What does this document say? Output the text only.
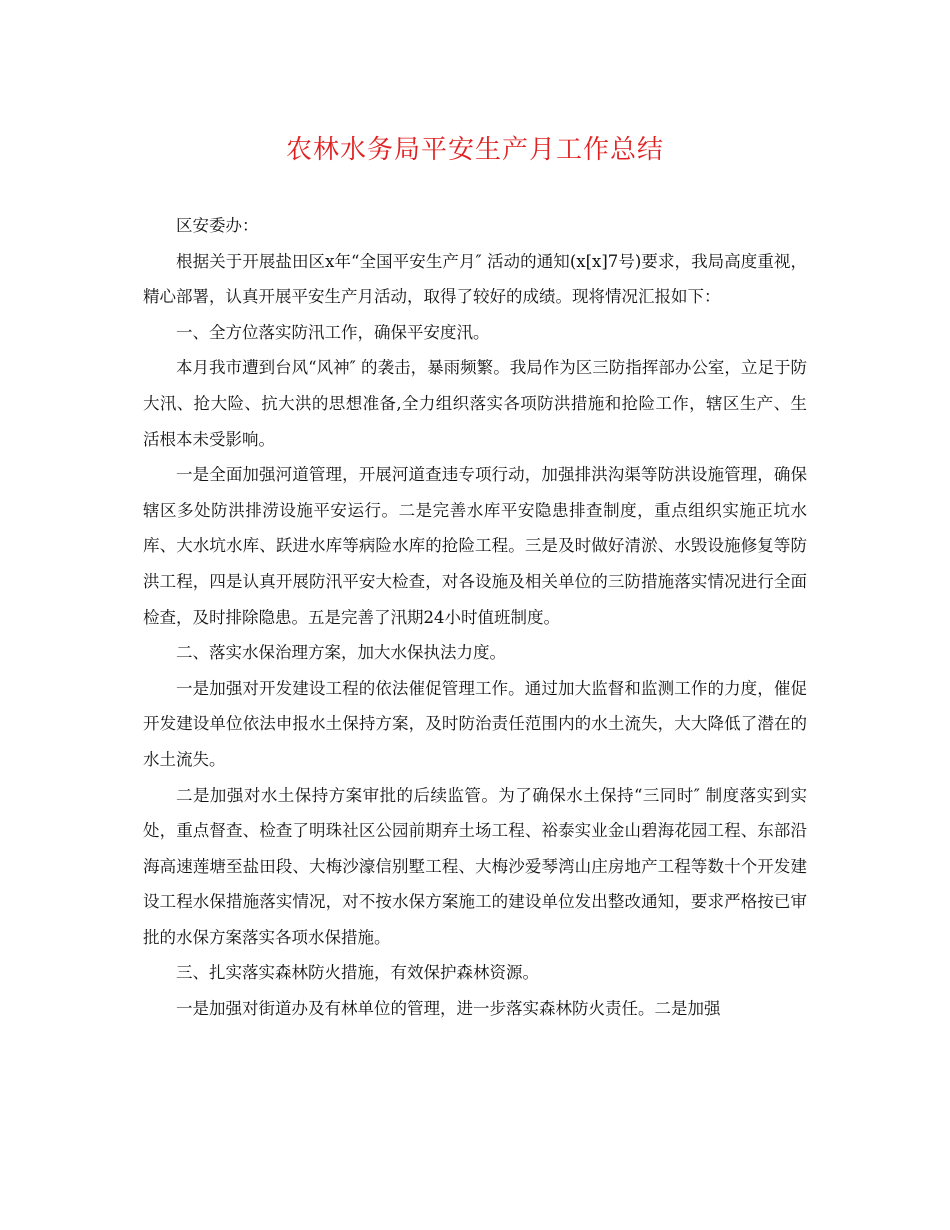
农林水务局平安生产月工作总结

区安委办：

根据关于开展盐田区x年“全国平安生产月″ 活动的通知(x[x]7号)要求，我局高度重视，精心部署，认真开展平安生产月活动，取得了较好的成绩。现将情况汇报如下：

一、全方位落实防汛工作，确保平安度汛。

本月我市遭到台风“风神″ 的袭击，暴雨频繁。我局作为区三防指挥部办公室，立足于防大汛、抢大险、抗大洪的思想准备,全力组织落实各项防洪措施和抢险工作，辖区生产、生活根本未受影响。

一是全面加强河道管理，开展河道查违专项行动，加强排洪沟渠等防洪设施管理，确保辖区多处防洪排涝设施平安运行。二是完善水库平安隐患排查制度，重点组织实施正坑水库、大水坑水库、跃进水库等病险水库的抢险工程。三是及时做好清淤、水毁设施修复等防洪工程，四是认真开展防汛平安大检查，对各设施及相关单位的三防措施落实情况进行全面检查，及时排除隐患。五是完善了汛期24小时值班制度。

二、落实水保治理方案，加大水保执法力度。

一是加强对开发建设工程的依法催促管理工作。通过加大监督和监测工作的力度，催促开发建设单位依法申报水土保持方案，及时防治责任范围内的水土流失，大大降低了潜在的水土流失。

二是加强对水土保持方案审批的后续监管。为了确保水土保持“三同时″ 制度落实到实处，重点督查、检查了明珠社区公园前期弃土场工程、裕泰实业金山碧海花园工程、东部沿海高速莲塘至盐田段、大梅沙濠信别墅工程、大梅沙爱琴湾山庄房地产工程等数十个开发建设工程水保措施落实情况，对不按水保方案施工的建设单位发出整改通知，要求严格按已审批的水保方案落实各项水保措施。

三、扎实落实森林防火措施，有效保护森林资源。

一是加强对街道办及有林单位的管理，进一步落实森林防火责任。二是加强
